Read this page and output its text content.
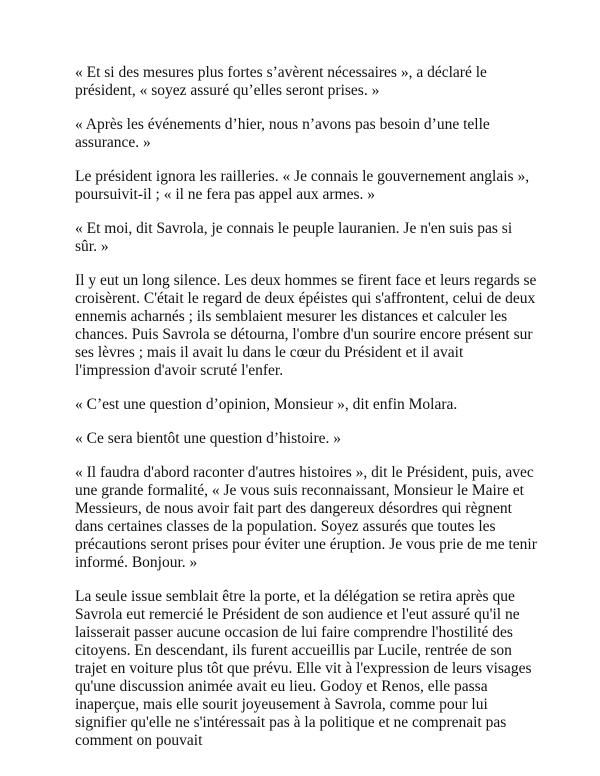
« Et si des mesures plus fortes s’avèrent nécessaires », a déclaré le président, « soyez assuré qu’elles seront prises. »

« Après les événements d’hier, nous n’avons pas besoin d’une telle assurance. »

Le président ignora les railleries. « Je connais le gouvernement anglais », poursuivit-il ; « il ne fera pas appel aux armes. »

« Et moi, dit Savrola, je connais le peuple lauranien. Je n'en suis pas si sûr. »

Il y eut un long silence. Les deux hommes se firent face et leurs regards se croisèrent. C'était le regard de deux épéistes qui s'affrontent, celui de deux ennemis acharnés ; ils semblaient mesurer les distances et calculer les chances. Puis Savrola se détourna, l'ombre d'un sourire encore présent sur ses lèvres ; mais il avait lu dans le cœur du Président et il avait l'impression d'avoir scruté l'enfer.

« C’est une question d’opinion, Monsieur », dit enfin Molara.

« Ce sera bientôt une question d’histoire. »

« Il faudra d'abord raconter d'autres histoires », dit le Président, puis, avec une grande formalité, « Je vous suis reconnaissant, Monsieur le Maire et Messieurs, de nous avoir fait part des dangereux désordres qui règnent dans certaines classes de la population. Soyez assurés que toutes les précautions seront prises pour éviter une éruption. Je vous prie de me tenir informé. Bonjour. »

La seule issue semblait être la porte, et la délégation se retira après que Savrola eut remercié le Président de son audience et l'eut assuré qu'il ne laisserait passer aucune occasion de lui faire comprendre l'hostilité des citoyens. En descendant, ils furent accueillis par Lucile, rentrée de son trajet en voiture plus tôt que prévu. Elle vit à l'expression de leurs visages qu'une discussion animée avait eu lieu. Godoy et Renos, elle passa inaperçue, mais elle sourit joyeusement à Savrola, comme pour lui signifier qu'elle ne s'intéressait pas à la politique et ne comprenait pas comment on pouvait
